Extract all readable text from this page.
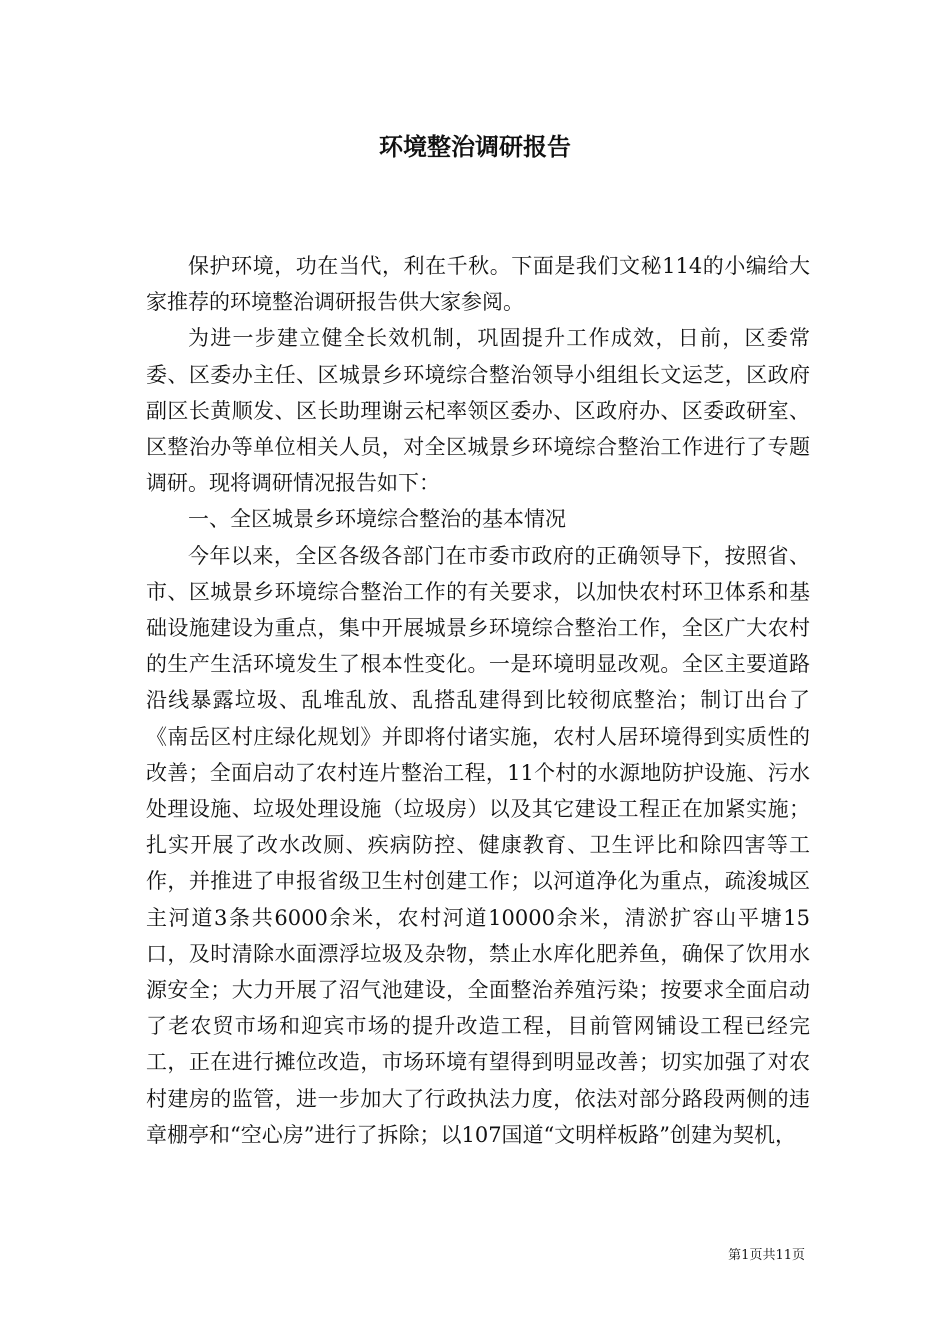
环境整治调研报告

保护环境，功在当代，利在千秋。下面是我们文秘114的小编给大家推荐的环境整治调研报告供大家参阅。

为进一步建立健全长效机制，巩固提升工作成效，日前，区委常委、区委办主任、区城景乡环境综合整治领导小组组长文运芝，区政府副区长黄顺发、区长助理谢云杞率领区委办、区政府办、区委政研室、区整治办等单位相关人员，对全区城景乡环境综合整治工作进行了专题调研。现将调研情况报告如下：

一、全区城景乡环境综合整治的基本情况

今年以来，全区各级各部门在市委市政府的正确领导下，按照省、市、区城景乡环境综合整治工作的有关要求，以加快农村环卫体系和基础设施建设为重点，集中开展城景乡环境综合整治工作，全区广大农村的生产生活环境发生了根本性变化。一是环境明显改观。全区主要道路沿线暴露垃圾、乱堆乱放、乱搭乱建得到比较彻底整治；制订出台了《南岳区村庄绿化规划》并即将付诸实施，农村人居环境得到实质性的改善；全面启动了农村连片整治工程，11个村的水源地防护设施、污水处理设施、垃圾处理设施（垃圾房）以及其它建设工程正在加紧实施；扎实开展了改水改厕、疾病防控、健康教育、卫生评比和除四害等工作，并推进了申报省级卫生村创建工作；以河道净化为重点，疏浚城区主河道3条共6000余米，农村河道10000余米，清淤扩容山平塘15口，及时清除水面漂浮垃圾及杂物，禁止水库化肥养鱼，确保了饮用水源安全；大力开展了沼气池建设，全面整治养殖污染；按要求全面启动了老农贸市场和迎宾市场的提升改造工程，目前管网铺设工程已经完工，正在进行摊位改造，市场环境有望得到明显改善；切实加强了对农村建房的监管，进一步加大了行政执法力度，依法对部分路段两侧的违章棚亭和“空心房”进行了拆除；以107国道“文明样板路”创建为契机，

第1页共11页
